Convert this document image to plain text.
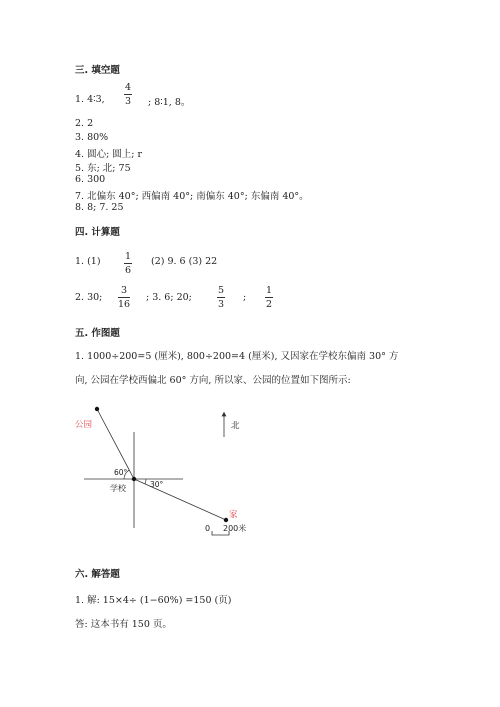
三. 填空题
1. 4∶3,
4
3 ; 8∶1, 8。
2. 2
3. 80%
4. 圆心; 圆上; r
5. 东; 北; 75
6. 300
7. 北偏东 40°; 西偏南 40°; 南偏东 40°; 东偏南 40°。
8. 8; 7. 25
四. 计算题
1. (1)	1
6
(2) 9. 6 (3) 22
2. 30;
3
16
; 3. 6; 20;
5
3
;
1
2
五. 作图题
1. 1000÷200=5 (厘米), 800÷200=4 (厘米), 又因家在学校东偏南 30° 方
向, 公园在学校西偏北 60° 方向, 所以家、公园的位置如下图所示:
公园	北
60°
30°
学校
家
0 200米
六. 解答题
1. 解: 15×4÷ (1−60%) =150 (页)
答: 这本书有 150 页。
